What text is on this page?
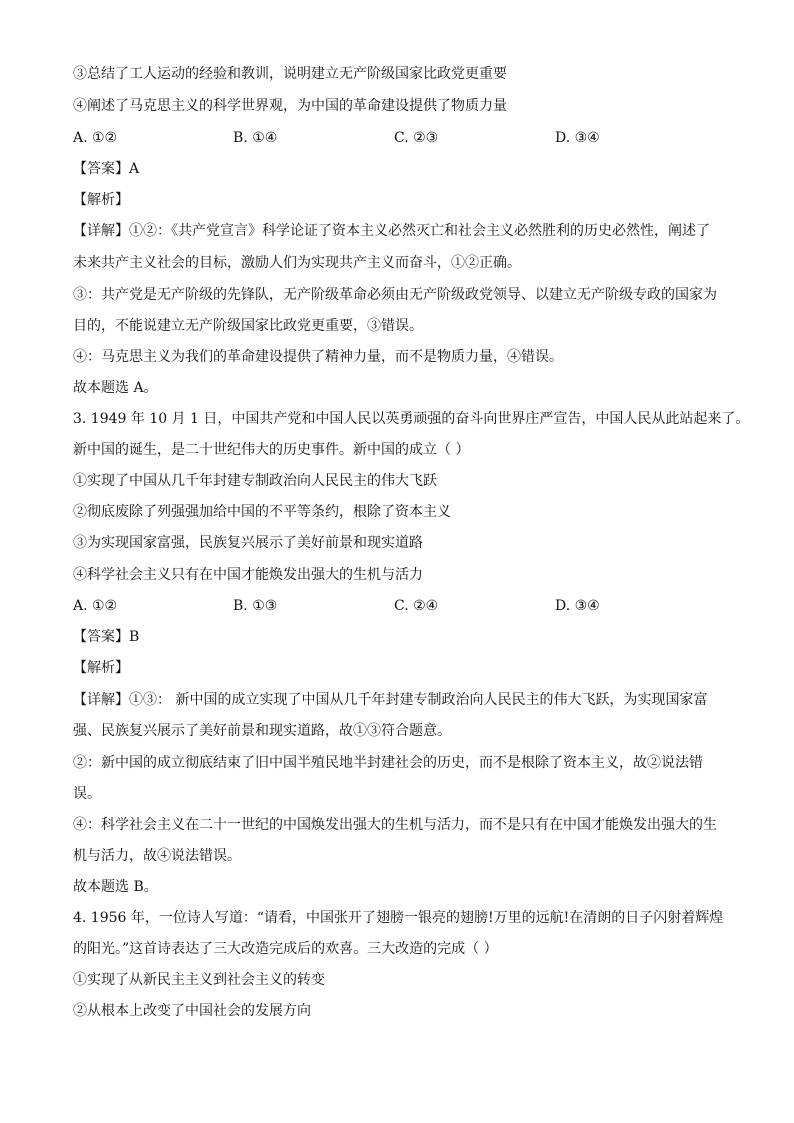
③总结了工人运动的经验和教训，说明建立无产阶级国家比政党更重要
④阐述了马克思主义的科学世界观，为中国的革命建设提供了物质力量
A. ①②	B. ①④	C. ②③	D. ③④
【答案】A
【解析】
【详解】①②：《共产党宣言》科学论证了资本主义必然灭亡和社会主义必然胜利的历史必然性，阐述了
未来共产主义社会的目标，激励人们为实现共产主义而奋斗，①②正确。
③：共产党是无产阶级的先锋队，无产阶级革命必须由无产阶级政党领导、以建立无产阶级专政的国家为
目的，不能说建立无产阶级国家比政党更重要，③错误。
④：马克思主义为我们的革命建设提供了精神力量，而不是物质力量，④错误。
故本题选 A。
3. 1949 年 10 月 1 日，中国共产党和中国人民以英勇顽强的奋斗向世界庄严宣告，中国人民从此站起来了。
新中国的诞生，是二十世纪伟大的历史事件。新中国的成立（ ）
①实现了中国从几千年封建专制政治向人民民主的伟大飞跃
②彻底废除了列强强加给中国的不平等条约，根除了资本主义
③为实现国家富强，民族复兴展示了美好前景和现实道路
④科学社会主义只有在中国才能焕发出强大的生机与活力
A. ①②	B. ①③	C. ②④	D. ③④
【答案】B
【解析】
【详解】①③： 新中国的成立实现了中国从几千年封建专制政治向人民民主的伟大飞跃，为实现国家富
强、民族复兴展示了美好前景和现实道路，故①③符合题意。
②：新中国的成立彻底结束了旧中国半殖民地半封建社会的历史，而不是根除了资本主义，故②说法错
误。
④：科学社会主义在二十一世纪的中国焕发出强大的生机与活力，而不是只有在中国才能焕发出强大的生
机与活力，故④说法错误。
故本题选 B。
4. 1956 年，一位诗人写道：“请看，中国张开了翅膀一银亮的翅膀!万里的远航!在清朗的日子闪射着辉煌
的阳光。”这首诗表达了三大改造完成后的欢喜。三大改造的完成（ ）
①实现了从新民主主义到社会主义的转变
②从根本上改变了中国社会的发展方向
